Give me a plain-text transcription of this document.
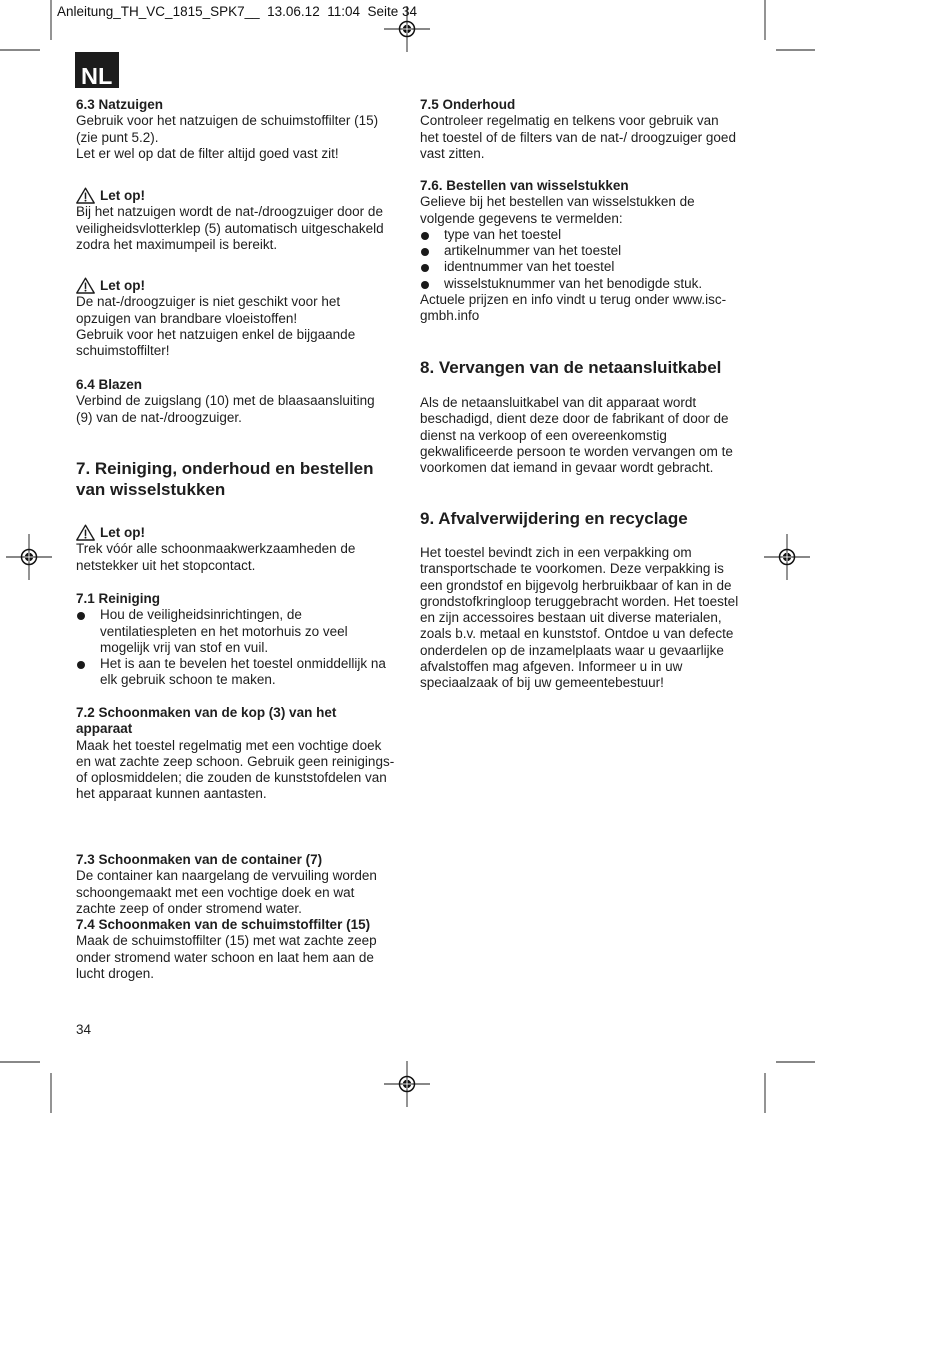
Anleitung_TH_VC_1815_SPK7__  13.06.12  11:04  Seite 34
NL
6.3 Natzuigen
Gebruik voor het natzuigen de schuimstoffilter (15)
(zie punt 5.2).
Let er wel op dat de filter altijd goed vast zit!

Let op!

Bij het natzuigen wordt de nat-/droogzuiger door de
veiligheidsvlotterklep (5) automatisch uitgeschakeld
zodra het maximumpeil is bereikt.

Let op!

De nat-/droogzuiger is niet geschikt voor het
opzuigen van brandbare vloeistoffen!
Gebruik voor het natzuigen enkel de bijgaande
schuimstoffilter!
6.4 Blazen
Verbind de zuigslang (10) met de blaasaansluiting
(9) van de nat-/droogzuiger.
7. Reiniging, onderhoud en bestellen
van wisselstukken

Let op!

Trek vóór alle schoonmaakwerkzaamheden de
netstekker uit het stopcontact.
7.1 Reiniging
Hou de veiligheidsinrichtingen, de
ventilatiespleten en het motorhuis zo veel
mogelijk vrij van stof en vuil.
Het is aan te bevelen het toestel onmiddellijk na
elk gebruik schoon te maken.
7.2 Schoonmaken van de kop (3) van het
apparaat
Maak het toestel regelmatig met een vochtige doek
en wat zachte zeep schoon. Gebruik geen reinigings-
of oplosmiddelen; die zouden de kunststofdelen van
het apparaat kunnen aantasten.
7.3 Schoonmaken van de container (7)
De container kan naargelang de vervuiling worden
schoongemaakt met een vochtige doek en wat
zachte zeep of onder stromend water.
7.4 Schoonmaken van de schuimstoffilter (15)
Maak de schuimstoffilter (15) met wat zachte zeep
onder stromend water schoon en laat hem aan de
lucht drogen.
34
7.5 Onderhoud
Controleer regelmatig en telkens voor gebruik van
het toestel of de filters van de nat-/ droogzuiger goed
vast zitten.
7.6. Bestellen van wisselstukken
Gelieve bij het bestellen van wisselstukken de
volgende gegevens te vermelden:
type van het toestel
artikelnummer van het toestel
identnummer van het toestel
wisselstuknummer van het benodigde stuk.
Actuele prijzen en info vindt u terug onder www.isc-
gmbh.info
8. Vervangen van de netaansluitkabel
Als de netaansluitkabel van dit apparaat wordt
beschadigd, dient deze door de fabrikant of door de
dienst na verkoop of een overeenkomstig
gekwalificeerde persoon te worden vervangen om te
voorkomen dat iemand in gevaar wordt gebracht.
9. Afvalverwijdering en recyclage
Het toestel bevindt zich in een verpakking om
transportschade te voorkomen. Deze verpakking is
een grondstof en bijgevolg herbruikbaar of kan in de
grondstofkringloop teruggebracht worden. Het toestel
en zijn accessoires bestaan uit diverse materialen,
zoals b.v. metaal en kunststof. Ontdoe u van defecte
onderdelen op de inzamelplaats waar u gevaarlijke
afvalstoffen mag afgeven. Informeer u in uw
speciaalzaak of bij uw gemeentebestuur!
